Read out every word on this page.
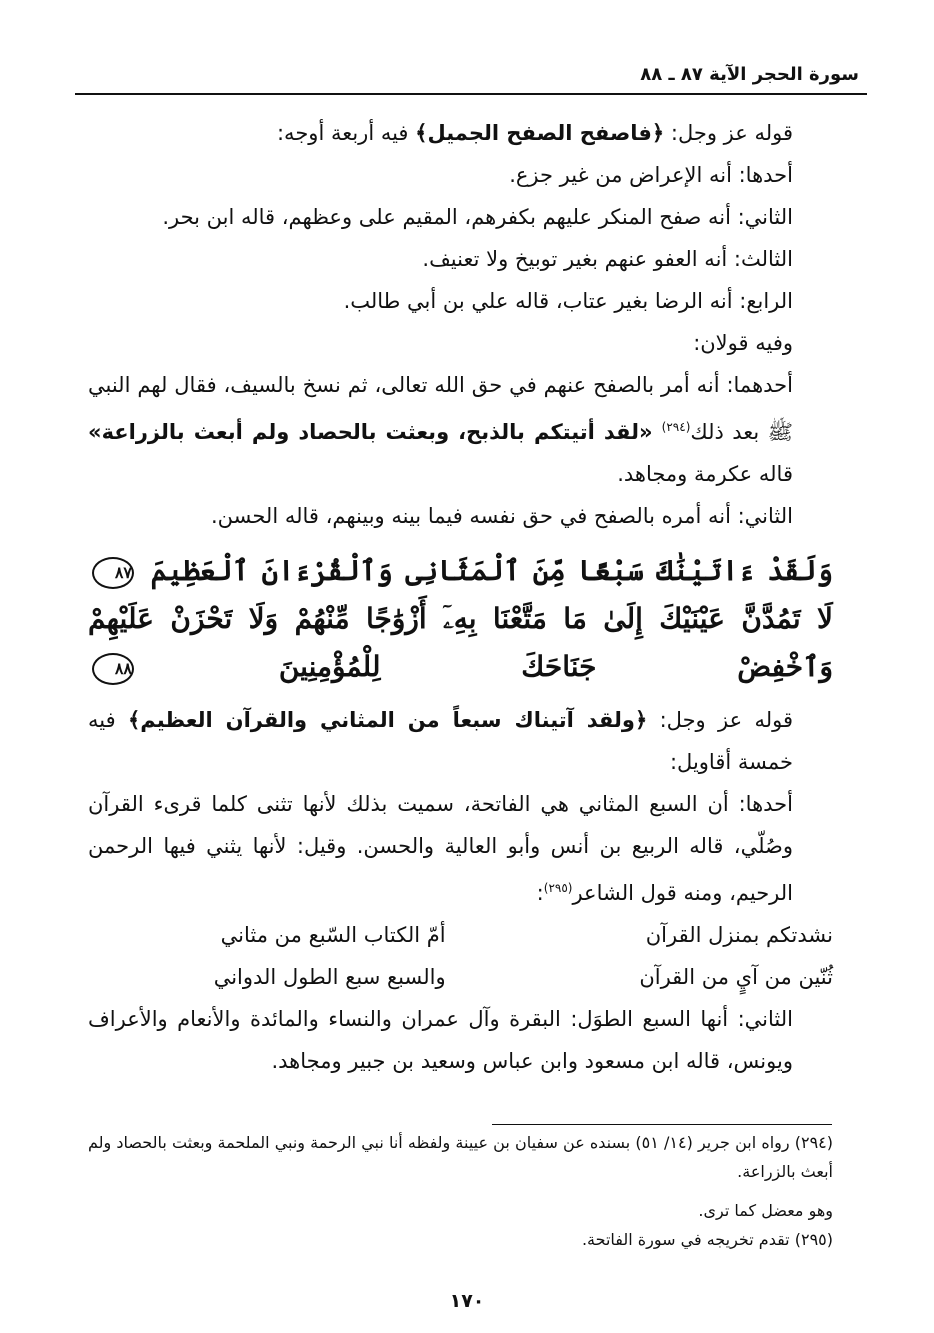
سورة الحجر الآية ۸۷ ـ ۸۸

قوله عز وجل: ﴿فاصفح الصفح الجميل﴾ فيه أربعة أوجه:

أحدها: أنه الإعراض من غير جزع.

الثاني: أنه صفح المنكر عليهم بكفرهم، المقيم على وعظهم، قاله ابن بحر.

الثالث: أنه العفو عنهم بغير توبيخ ولا تعنيف.

الرابع: أنه الرضا بغير عتاب، قاله علي بن أبي طالب.

وفيه قولان:

أحدهما: أنه أمر بالصفح عنهم في حق الله تعالى، ثم نسخ بالسيف، فقال لهم النبي ﷺ بعد ذلك$^{(٢٩٤)}$ «لقد أتيتكم بالذبح، وبعثت بالحصاد ولم أبعث بالزراعة» قاله عكرمة ومجاهد.

الثاني: أنه أمره بالصفح في حق نفسه فيما بينه وبينهم، قاله الحسن.

وَلَقَدْ ءَاتَيْنَٰكَ سَبْعًا مِّنَ ٱلْمَثَانِى وَٱلْقُرْءَانَ ٱلْعَظِيمَ ٨٧ لَا تَمُدَّنَّ عَيْنَيْكَ إِلَىٰ مَا مَتَّعْنَا بِهِۦٓ أَزْوَٰجًا مِّنْهُمْ وَلَا تَحْزَنْ عَلَيْهِمْ وَٱخْفِضْ جَنَاحَكَ لِلْمُؤْمِنِينَ ٨٨

قوله عز وجل: ﴿ولقد آتيناك سبعاً من المثاني والقرآن العظيم﴾ فيه خمسة أقاويل:

أحدها: أن السبع المثاني هي الفاتحة، سميت بذلك لأنها تثنى كلما قرىء القرآن وصُلّي، قاله الربيع بن أنس وأبو العالية والحسن. وقيل: لأنها يثني فيها الرحمن الرحيم، ومنه قول الشاعر$^{(٢٩٥)}$:

نشدتكم بمنزل القرآن
أمّ الكتاب السّبع من مثاني
ثُنّين من آيٍ من القرآن
والسبع سبع الطول الدواني

الثاني: أنها السبع الطوَل: البقرة وآل عمران والنساء والمائدة والأنعام والأعراف ويونس، قاله ابن مسعود وابن عباس وسعيد بن جبير ومجاهد.

(٢٩٤) رواه ابن جرير (١٤/ ٥١) بسنده عن سفيان بن عيينة ولفظه أنا نبي الرحمة ونبي الملحمة وبعثت بالحصاد ولم أبعث بالزراعة.

وهو معضل كما ترى.

(٢٩٥) تقدم تخريجه في سورة الفاتحة.

١٧٠
